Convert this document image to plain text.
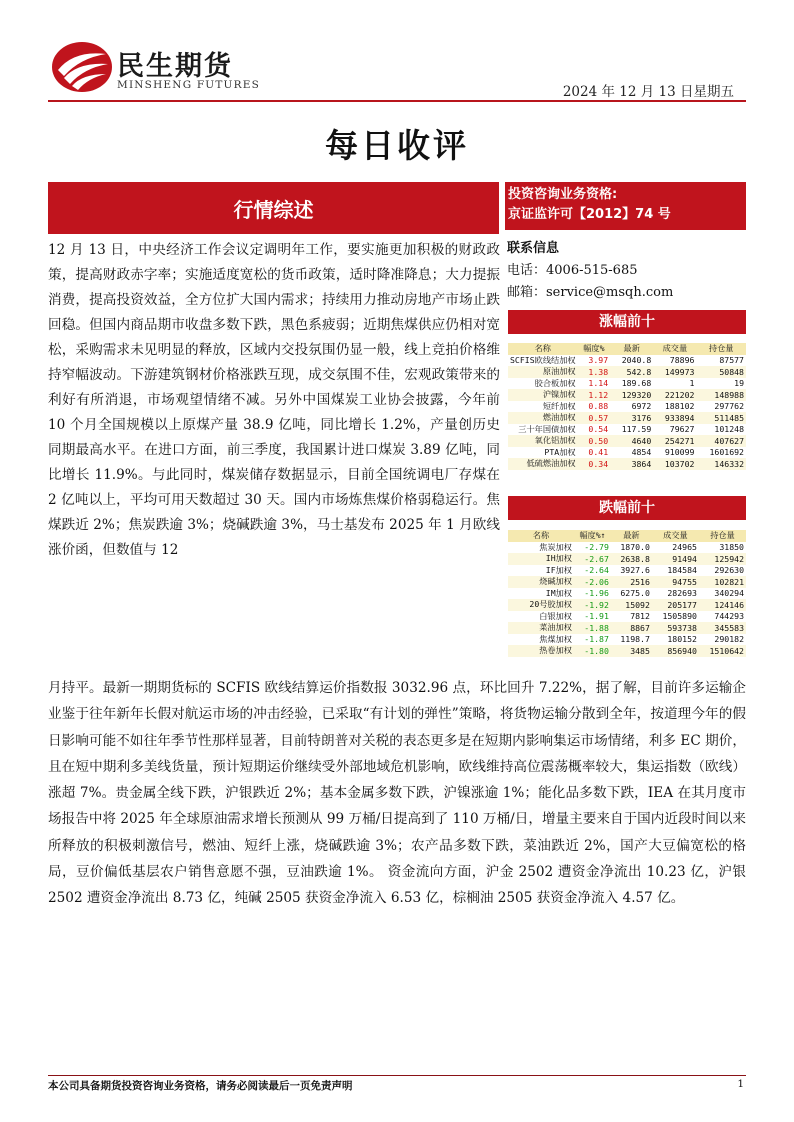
民生期货
MINSHENG FUTURES	2024 年 12 月 13 日星期五
每日收评
行情综述

12 月 13 日，中央经济工作会议定调明年工作，要实施更加积极的财政政策，提高财政赤字率；实施适度宽松的货币政策，适时降准降息；大力提振消费，提高投资效益，全方位扩大国内需求；持续用力推动房地产市场止跌回稳。但国内商品期市收盘多数下跌，黑色系疲弱；近期焦煤供应仍相对宽松，采购需求未见明显的释放，区域内交投氛围仍显一般，线上竞拍价格维持窄幅波动。下游建筑钢材价格涨跌互现，成交氛围不佳，宏观政策带来的利好有所消退，市场观望情绪不减。另外中国煤炭工业协会披露，今年前 10 个月全国规模以上原煤产量 38.9 亿吨，同比增长 1.2%，产量创历史同期最高水平。在进口方面，前三季度，我国累计进口煤炭 3.89 亿吨，同比增长 11.9%。与此同时，煤炭储存数据显示，目前全国统调电厂存煤在 2 亿吨以上，平均可用天数超过 30 天。国内市场炼焦煤价格弱稳运行。焦煤跌近 2%；焦炭跌逾 3%；烧碱跌逾 3%，马士基发布 2025 年 1 月欧线涨价函，但数值与 12

月持平。最新一期期货标的 SCFIS 欧线结算运价指数报 3032.96 点，环比回升 7.22%，据了解，目前许多运输企业鉴于往年新年长假对航运市场的冲击经验，已采取“有计划的弹性”策略，将货物运输分散到全年，按道理今年的假日影响可能不如往年季节性那样显著，目前特朗普对关税的表态更多是在短期内影响集运市场情绪，利多 EC 期价，且在短中期利多美线货量，预计短期运价继续受外部地域危机影响，欧线维持高位震荡概率较大，集运指数（欧线）涨超 7%。贵金属全线下跌，沪银跌近 2%；基本金属多数下跌，沪镍涨逾 1%；能化品多数下跌，IEA 在其月度市场报告中将 2025 年全球原油需求增长预测从 99 万桶/日提高到了 110 万桶/日，增量主要来自于国内近段时间以来所释放的积极刺激信号，燃油、短纤上涨，烧碱跌逾 3%；农产品多数下跌，菜油跌近 2%，国产大豆偏宽松的格局，豆价偏低基层农户销售意愿不强，豆油跌逾 1%。 资金流向方面，沪金 2502 遭资金净流出 10.23 亿，沪银 2502 遭资金净流出 8.73 亿，纯碱 2505 获资金净流入 6.53 亿，棕榈油 2505 获资金净流入 4.57 亿。

投资咨询业务资格:
京证监许可【2012】74 号
联系信息
电话：4006-515-685
邮箱：service@msqh.com
涨幅前十
名称	幅度%	最新	成交量	持仓量
SCFIS欧线结加权	3.97	2040.8	78896	87577
原油加权	1.38	542.8	149973	50848
胶合板加权	1.14	189.68	1	19
沪镍加权	1.12	129320	221202	148988
短纤加权	0.88	6972	188102	297762
燃油加权	0.57	3176	933894	511485
三十年国债加权	0.54	117.59	79627	101248
氧化铝加权	0.50	4640	254271	407627
PTA加权	0.41	4854	910099	1601692
低硫燃油加权	0.34	3864	103702	146332
跌幅前十
名称	幅度%↑	最新	成交量	持仓量
焦炭加权	-2.79	1870.0	24965	31850
IH加权	-2.67	2638.8	91494	125942
IF加权	-2.64	3927.6	184584	292630
烧碱加权	-2.06	2516	94755	102821
IM加权	-1.96	6275.0	282693	340294
20号胶加权	-1.92	15092	205177	124146
白银加权	-1.91	7812	1505890	744293
菜油加权	-1.88	8867	593738	345583
焦煤加权	-1.87	1198.7	180152	290182
热卷加权	-1.80	3485	856940	1510642
本公司具备期货投资咨询业务资格，请务必阅读最后一页免责声明	1
